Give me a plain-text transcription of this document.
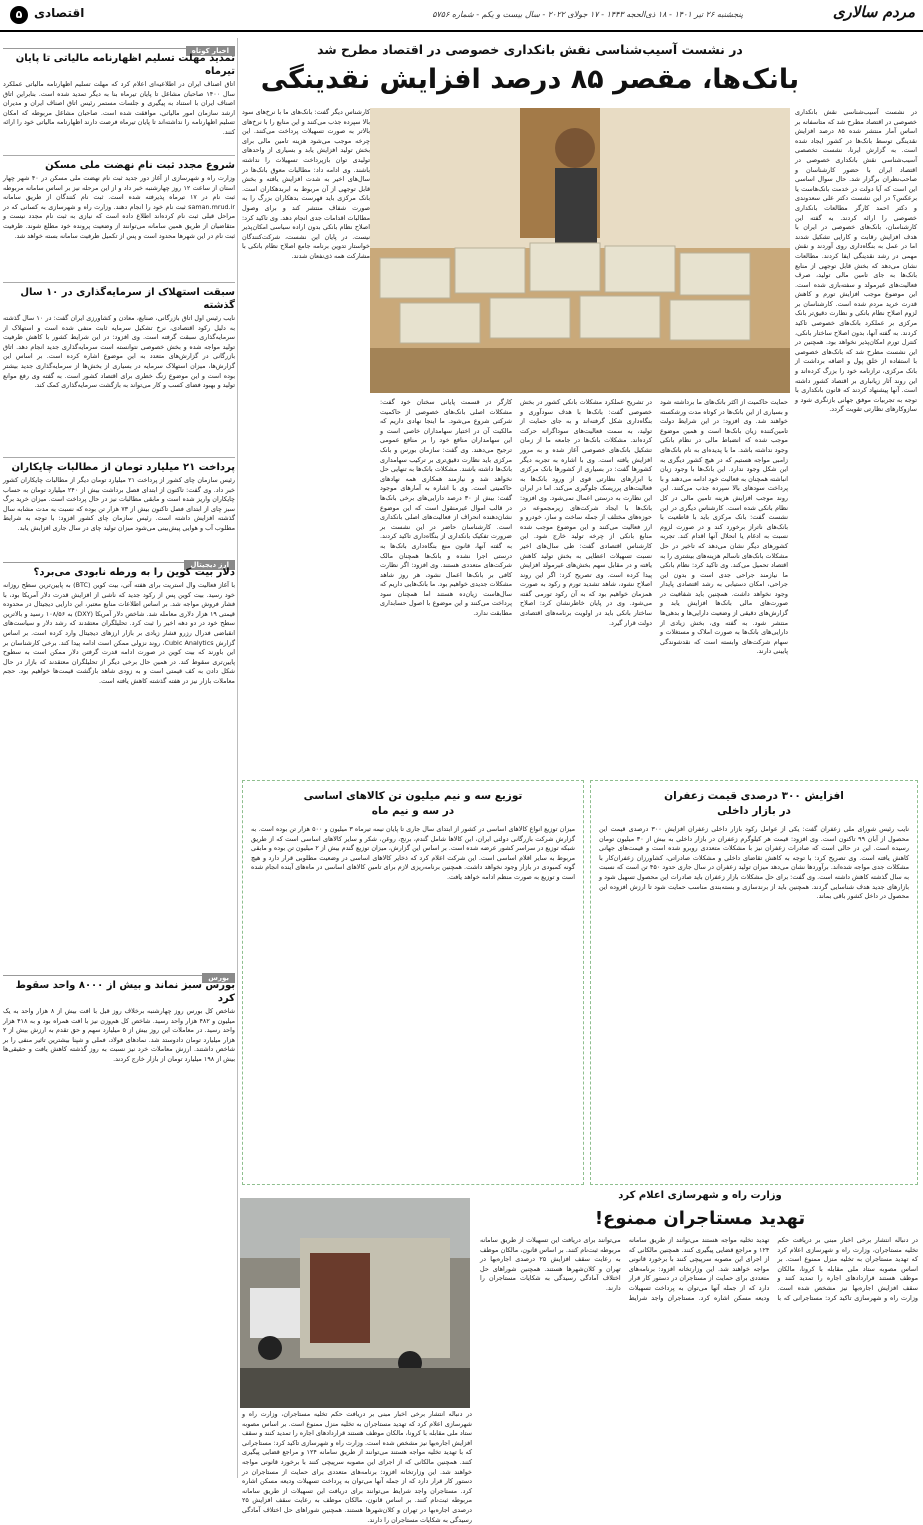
مردم سالاری
پنجشنبه ۲۶ تیر ۱۴۰۱ - ۱۸ ذی‌الحجه ۱۴۴۳ - ۱۷ جولای ۲۰۲۲ - سال بیست و یکم - شماره ۵۷۵۶
۵ اقتصادی
اخبار کوتاه
تمدید مهلت تسلیم اظهارنامه مالیاتی تا پایان تیرماه
اتاق اصناف ایران در اطلاعیه‌ای اعلام کرد که مهلت تسلیم اظهارنامه مالیاتی عملکرد سال ۱۴۰۰ صاحبان مشاغل تا پایان تیرماه بنا به دیگر تمدید شده است. بنابراین اتاق اصناف ایران با استناد به پیگیری و جلسات مستمر رئیس اتاق اصناف ایران و مدیران ارشد سازمان امور مالیاتی، موافقت شده است. صاحبان مشاغل مربوطه که امکان تسلیم اظهارنامه را نداشته‌اند تا پایان تیرماه فرصت دارند اظهارنامه مالیاتی خود را ارائه کنند.
شروع مجدد ثبت نام نهضت ملی مسکن
وزارت راه و شهرسازی از آغاز دور جدید ثبت نام نهضت ملی مسکن در ۴۰ شهر چهار استان از ساعت ۱۲ روز چهارشنبه خبر داد و از این مرحله نیز بر اساس سامانه مربوطه ثبت نام در ۱۷ تیرماه پذیرفته شده است. ثبت نام کنندگان از طریق سامانه saman.mrud.ir ثبت نام خود را انجام دهند. وزارت راه و شهرسازی به کسانی که در مراحل قبلی ثبت نام کرده‌اند اطلاع داده است که نیازی به ثبت نام مجدد نیست و متقاضیان از طریق همین سامانه می‌توانند از وضعیت پرونده خود مطلع شوند. ظرفیت ثبت نام در این شهرها محدود است و پس از تکمیل ظرفیت سامانه بسته خواهد شد.
سبقت استهلاک از سرمایه‌گذاری در ۱۰ سال گذشته
نایب رئیس اول اتاق بازرگانی، صنایع، معادن و کشاورزی ایران گفت: در ۱۰ سال گذشته به دلیل رکود اقتصادی، نرخ تشکیل سرمایه ثابت منفی شده است و استهلاک از سرمایه‌گذاری سبقت گرفته است. وی افزود: در این شرایط کشور با کاهش ظرفیت تولید مواجه شده و بخش خصوصی نتوانسته است سرمایه‌گذاری جدید انجام دهد. اتاق بازرگانی در گزارش‌های متعدد به این موضوع اشاره کرده است. بر اساس این گزارش‌ها، میزان استهلاک سرمایه در بسیاری از بخش‌ها از سرمایه‌گذاری جدید بیشتر بوده است و این موضوع زنگ خطری برای اقتصاد کشور است. به گفته وی رفع موانع تولید و بهبود فضای کسب و کار می‌تواند به بازگشت سرمایه‌گذاری کمک کند.
پرداخت ۲۱ میلیارد تومان از مطالبات چایکاران
رئیس سازمان چای کشور از پرداخت ۲۱ میلیارد تومان دیگر از مطالبات چایکاران کشور خبر داد. وی گفت: تاکنون از ابتدای فصل برداشت بیش از ۲۴۰ میلیارد تومان به حساب چایکاران واریز شده است و مابقی مطالبات نیز در حال پرداخت است. میزان خرید برگ سبز چای از ابتدای فصل تاکنون بیش از ۷۳ هزار تن بوده که نسبت به مدت مشابه سال گذشته افزایش داشته است. رئیس سازمان چای کشور افزود: با توجه به شرایط مطلوب آب و هوایی پیش‌بینی می‌شود میزان تولید چای در سال جاری افزایش یابد.
ارز دیجیتال
دلار بیت کوین را به ورطه نابودی می‌برد؟
با آغاز فعالیت وال استریت برای هفته آتی، بیت کوین (BTC) به پایین‌ترین سطح روزانه خود رسید. بیت کوین پس از رکود جدید که ناشی از افزایش قدرت دلار آمریکا بود، با فشار فروش مواجه شد. بر اساس اطلاعات منابع معتبر، این دارایی دیجیتال در محدوده قیمتی ۱۹ هزار دلاری معامله شد. شاخص دلار آمریکا (DXY) به ۱۰۸/۵۶ رسید و بالاترین سطح خود در دو دهه اخیر را ثبت کرد. تحلیلگران معتقدند که رشد دلار و سیاست‌های انقباضی فدرال رزرو فشار زیادی بر بازار ارزهای دیجیتال وارد کرده است. بر اساس گزارش Cubic Analytics، روند نزولی ممکن است ادامه پیدا کند. برخی کارشناسان بر این باورند که بیت کوین در صورت ادامه قدرت گرفتن دلار ممکن است به سطوح پایین‌تری سقوط کند. در همین حال برخی دیگر از تحلیلگران معتقدند که بازار در حال شکل دادن به کف قیمتی است و به زودی شاهد بازگشت قیمت‌ها خواهیم بود. حجم معاملات بازار نیز در هفته گذشته کاهش یافته است.
بورس
بورس سبز نماند و بیش از ۸۰۰۰ واحد سقوط کرد
شاخص کل بورس روز چهارشنبه برخلاف روز قبل با افت بیش از ۸ هزار واحد به یک میلیون و ۴۸۲ هزار واحد رسید. شاخص کل هم‌وزن نیز با افت همراه بود و به ۴۱۸ هزار واحد رسید. در معاملات این روز بیش از ۵ میلیارد سهم و حق تقدم به ارزش بیش از ۲ هزار میلیارد تومان دادوستد شد. نمادهای فولاد، فملی و شپنا بیشترین تاثیر منفی را بر شاخص داشتند. ارزش معاملات خرد نیز نسبت به روز گذشته کاهش یافت و حقیقی‌ها بیش از ۱۹۸ میلیارد تومان از بازار خارج کردند.
در نشست آسیب‌شناسی نقش بانکداری خصوصی در اقتصاد مطرح شد
بانک‌ها، مقصر ۸۵ درصد افزایش نقدینگی
در نشست آسیب‌شناسی نقش بانکداری خصوصی در اقتصاد مطرح شد که متاسفانه بر اساس آمار منتشر شده ۸۵ درصد افزایش نقدینگی توسط بانک‌ها در کشور ایجاد شده است. به گزارش ایرنا، نشست تخصصی آسیب‌شناسی نقش بانکداری خصوصی در اقتصاد ایران با حضور کارشناسان و صاحب‌نظران برگزار شد. حال سوال اساسی این است که آیا دولت در خدمت بانک‌هاست یا برعکس؟ در این نشست دکتر علی سعدوندی و دکتر احمد کارگر مطالعات بانکداری خصوصی را ارائه کردند. به گفته این کارشناسان، بانک‌های خصوصی در ایران با هدف افزایش رقابت و کارایی تشکیل شدند اما در عمل به بنگاه‌داری روی آوردند و نقش مهمی در رشد نقدینگی ایفا کردند. مطالعات نشان می‌دهد که بخش قابل توجهی از منابع بانک‌ها به جای تامین مالی تولید، صرف فعالیت‌های غیرمولد و سفته‌بازی شده است. این موضوع موجب افزایش تورم و کاهش قدرت خرید مردم شده است. کارشناسان بر لزوم اصلاح نظام بانکی و نظارت دقیق‌تر بانک مرکزی بر عملکرد بانک‌های خصوصی تاکید کردند. به گفته آنها، بدون اصلاح ساختار بانکی، کنترل تورم امکان‌پذیر نخواهد بود. همچنین در این نشست مطرح شد که بانک‌های خصوصی با استفاده از خلق پول و اضافه برداشت از بانک مرکزی، ترازنامه خود را بزرگ کرده‌اند و این روند آثار زیانباری بر اقتصاد کشور داشته است. آنها پیشنهاد کردند که قانون بانکداری با توجه به تجربیات موفق جهانی بازنگری شود و سازوکارهای نظارتی تقویت گردد.
حمایت حاکمیت از اکثر بانک‌های ما برداشته شود و بسیاری از این بانک‌ها در کوتاه مدت ورشکسته خواهند شد. وی افزود: در این شرایط دولت تامین‌کننده زیان بانک‌ها است و همین موضوع موجب شده که انضباط مالی در نظام بانکی وجود نداشته باشد. ما با پدیده‌ای به نام بانک‌های زامبی مواجه هستیم که در هیچ کشور دیگری به این شکل وجود ندارد. این بانک‌ها با وجود زیان انباشته همچنان به فعالیت خود ادامه می‌دهند و با پرداخت سودهای بالا سپرده جذب می‌کنند. این روند موجب افزایش هزینه تامین مالی در کل نظام بانکی شده است. کارشناس دیگری در این نشست گفت: بانک مرکزی باید با قاطعیت با بانک‌های ناتراز برخورد کند و در صورت لزوم نسبت به ادغام یا انحلال آنها اقدام کند. تجربه کشورهای دیگر نشان می‌دهد که تاخیر در حل مشکلات بانک‌های ناسالم هزینه‌های بیشتری را به اقتصاد تحمیل می‌کند. وی تاکید کرد: نظام بانکی ما نیازمند جراحی جدی است و بدون این جراحی، امکان دستیابی به رشد اقتصادی پایدار وجود نخواهد داشت. همچنین باید شفافیت در صورت‌های مالی بانک‌ها افزایش یابد و گزارش‌های دقیقی از وضعیت دارایی‌ها و بدهی‌ها منتشر شود. به گفته وی، بخش زیادی از دارایی‌های بانک‌ها به صورت املاک و مستغلات و سهام شرکت‌های وابسته است که نقدشوندگی پایینی دارند.
در تشریح عملکرد مشکلات بانکی کشور در بخش خصوصی گفت: بانک‌ها با هدف سودآوری و بنگاه‌داری شکل گرفته‌اند و به جای حمایت از تولید، به سمت فعالیت‌های سوداگرانه حرکت کرده‌اند. مشکلات بانک‌ها در جامعه ما از زمان تشکیل بانک‌های خصوصی آغاز شده و به مرور افزایش یافته است. وی با اشاره به تجربه دیگر کشورها گفت: در بسیاری از کشورها بانک مرکزی با ابزارهای نظارتی قوی از ورود بانک‌ها به فعالیت‌های پرریسک جلوگیری می‌کند. اما در ایران این نظارت به درستی اعمال نمی‌شود. وی افزود: بانک‌ها با ایجاد شرکت‌های زیرمجموعه در حوزه‌های مختلف از جمله ساخت و ساز، خودرو و ارز فعالیت می‌کنند و این موضوع موجب شده منابع بانکی از چرخه تولید خارج شود. این کارشناس اقتصادی گفت: طی سال‌های اخیر نسبت تسهیلات اعطایی به بخش تولید کاهش یافته و در مقابل سهم بخش‌های غیرمولد افزایش پیدا کرده است. وی تصریح کرد: اگر این روند اصلاح نشود، شاهد تشدید تورم و رکود به صورت همزمان خواهیم بود که به آن رکود تورمی گفته می‌شود. وی در پایان خاطرنشان کرد: اصلاح ساختار بانکی باید در اولویت برنامه‌های اقتصادی دولت قرار گیرد.
کارگر در قسمت پایانی سخنان خود گفت: مشکلات اصلی بانک‌های خصوصی از حاکمیت شرکتی شروع می‌شود. ما اینجا نهادی داریم که مالکیت آن در اختیار سهامداران خاصی است و این سهامداران منافع خود را بر منافع عمومی ترجیح می‌دهند. وی گفت: سازمان بورس و بانک مرکزی باید نظارت دقیق‌تری بر ترکیب سهامداری بانک‌ها داشته باشند. مشکلات بانک‌ها به تنهایی حل نخواهد شد و نیازمند همکاری همه نهادهای حاکمیتی است. وی با اشاره به آمارهای موجود گفت: بیش از ۳۰ درصد دارایی‌های برخی بانک‌ها در قالب اموال غیرمنقول است که این موضوع نشان‌دهنده انحراف از فعالیت‌های اصلی بانکداری است. کارشناسان حاضر در این نشست بر ضرورت تفکیک بانکداری از بنگاه‌داری تاکید کردند. به گفته آنها، قانون منع بنگاه‌داری بانک‌ها به درستی اجرا نشده و بانک‌ها همچنان مالک شرکت‌های متعددی هستند. وی افزود: اگر نظارت کافی بر بانک‌ها اعمال نشود، هر روز شاهد مشکلات جدیدی خواهیم بود. ما بانک‌هایی داریم که سال‌هاست زیان‌ده هستند اما همچنان سود پرداخت می‌کنند و این موضوع با اصول حسابداری مطابقت ندارد.
کارشناس دیگر گفت: بانک‌های ما با نرخ‌های سود بالا سپرده جذب می‌کنند و این منابع را با نرخ‌های بالاتر به صورت تسهیلات پرداخت می‌کنند. این چرخه موجب می‌شود هزینه تامین مالی برای بخش تولید افزایش یابد و بسیاری از واحدهای تولیدی توان بازپرداخت تسهیلات را نداشته باشند. وی ادامه داد: مطالبات معوق بانک‌ها در سال‌های اخیر به شدت افزایش یافته و بخش قابل توجهی از آن مربوط به ابربدهکاران است. بانک مرکزی باید فهرست بدهکاران بزرگ را به صورت شفاف منتشر کند و برای وصول مطالبات اقدامات جدی انجام دهد. وی تاکید کرد: اصلاح نظام بانکی بدون اراده سیاسی امکان‌پذیر نیست. در پایان این نشست، شرکت‌کنندگان خواستار تدوین برنامه جامع اصلاح نظام بانکی با مشارکت همه ذی‌نفعان شدند.
افزایش ۳۰۰ درصدی قیمت زعفران
در بازار داخلی
نایب رئیس شورای ملی زعفران گفت: یکی از عوامل رکود بازار داخلی زعفران افزایش ۳۰۰ درصدی قیمت این محصول از آبان ۹۹ تاکنون است. وی افزود: قیمت هر کیلوگرم زعفران در بازار داخلی به بیش از ۳۰ میلیون تومان رسیده است. این در حالی است که صادرات زعفران نیز با مشکلات متعددی روبرو شده است و قیمت‌های جهانی کاهش یافته است. وی تصریح کرد: با توجه به کاهش تقاضای داخلی و مشکلات صادراتی، کشاورزان زعفران‌کار با مشکلات جدی مواجه شده‌اند. برآوردها نشان می‌دهد میزان تولید زعفران در سال جاری حدود ۴۵۰ تن است که نسبت به سال گذشته کاهش داشته است. وی گفت: برای حل مشکلات بازار زعفران باید صادرات این محصول تسهیل شود و بازارهای جدید هدف شناسایی گردند. همچنین باید از برندسازی و بسته‌بندی مناسب حمایت شود تا ارزش افزوده این محصول در داخل کشور باقی بماند.
توزیع سه و نیم میلیون تن کالاهای اساسی
در سه و نیم ماه
میزان توزیع انواع کالاهای اساسی در کشور از ابتدای سال جاری تا پایان نیمه تیرماه ۳ میلیون و ۵۰۰ هزار تن بوده است. به گزارش شرکت بازرگانی دولتی ایران، این کالاها شامل گندم، برنج، روغن، شکر و سایر کالاهای اساسی است که از طریق شبکه توزیع در سراسر کشور عرضه شده است. بر اساس این گزارش، میزان توزیع گندم بیش از ۲ میلیون تن بوده و مابقی مربوط به سایر اقلام اساسی است. این شرکت اعلام کرد که ذخایر کالاهای اساسی در وضعیت مطلوبی قرار دارد و هیچ گونه کمبودی در بازار وجود نخواهد داشت. همچنین برنامه‌ریزی لازم برای تامین کالاهای اساسی در ماه‌های آینده انجام شده است و توزیع به صورت منظم ادامه خواهد یافت.
وزارت راه و شهرسازی اعلام کرد
تهدید مستاجران ممنوع!
در دنباله انتشار برخی اخبار مبنی بر دریافت حکم تخلیه مستاجران، وزارت راه و شهرسازی اعلام کرد که تهدید مستاجران به تخلیه منزل ممنوع است. بر اساس مصوبه ستاد ملی مقابله با کرونا، مالکان موظف هستند قراردادهای اجاره را تمدید کنند و سقف افزایش اجاره‌بها نیز مشخص شده است. وزارت راه و شهرسازی تاکید کرد: مستاجرانی که با تهدید تخلیه مواجه هستند می‌توانند از طریق سامانه ۱۲۴ و مراجع قضایی پیگیری کنند. همچنین مالکانی که از اجرای این مصوبه سرپیچی کنند با برخورد قانونی مواجه خواهند شد. این وزارتخانه افزود: برنامه‌های متعددی برای حمایت از مستاجران در دستور کار قرار دارد که از جمله آنها می‌توان به پرداخت تسهیلات ودیعه مسکن اشاره کرد. مستاجران واجد شرایط می‌توانند برای دریافت این تسهیلات از طریق سامانه مربوطه ثبت‌نام کنند. بر اساس قانون، مالکان موظف به رعایت سقف افزایش ۲۵ درصدی اجاره‌بها در تهران و کلان‌شهرها هستند. همچنین شوراهای حل اختلاف آمادگی رسیدگی به شکایات مستاجران را دارند.
در دنباله انتشار برخی اخبار مبنی بر دریافت حکم تخلیه مستاجران، وزارت راه و شهرسازی اعلام کرد که تهدید مستاجران به تخلیه منزل ممنوع است. بر اساس مصوبه ستاد ملی مقابله با کرونا، مالکان موظف هستند قراردادهای اجاره را تمدید کنند و سقف افزایش اجاره‌بها نیز مشخص شده است. وزارت راه و شهرسازی تاکید کرد: مستاجرانی که با تهدید تخلیه مواجه هستند می‌توانند از طریق سامانه ۱۲۴ و مراجع قضایی پیگیری کنند. همچنین مالکانی که از اجرای این مصوبه سرپیچی کنند با برخورد قانونی مواجه خواهند شد. این وزارتخانه افزود: برنامه‌های متعددی برای حمایت از مستاجران در دستور کار قرار دارد که از جمله آنها می‌توان به پرداخت تسهیلات ودیعه مسکن اشاره کرد. مستاجران واجد شرایط می‌توانند برای دریافت این تسهیلات از طریق سامانه مربوطه ثبت‌نام کنند. بر اساس قانون، مالکان موظف به رعایت سقف افزایش ۲۵ درصدی اجاره‌بها در تهران و کلان‌شهرها هستند. همچنین شوراهای حل اختلاف آمادگی رسیدگی به شکایات مستاجران را دارند.
